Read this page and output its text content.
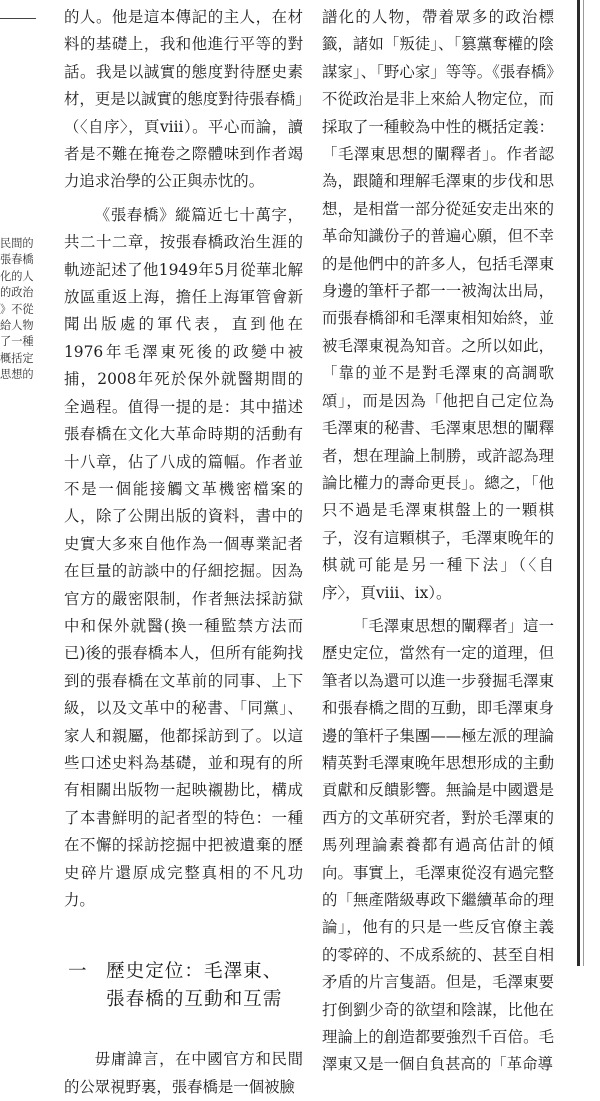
民間的
張春橋
化的人
的政治
》不從
給人物
了一種
概括定
思想的

的人。他是這本傳記的主人，在材料的基礎上，我和他進行平等的對話。我是以誠實的態度對待歷史素材，更是以誠實的態度對待張春橋」（〈自序〉，頁viii）。平心而論，讀者是不難在掩卷之際體味到作者竭力追求治學的公正與赤忱的。

《張春橋》縱篇近七十萬字，共二十二章，按張春橋政治生涯的軌迹記述了他1949年5月從華北解放區重返上海，擔任上海軍管會新聞出版處的軍代表，直到他在1976年毛澤東死後的政變中被捕，2008年死於保外就醫期間的全過程。值得一提的是：其中描述張春橋在文化大革命時期的活動有十八章，佔了八成的篇幅。作者並不是一個能接觸文革機密檔案的人，除了公開出版的資料，書中的史實大多來自他作為一個專業記者在巨量的訪談中的仔細挖掘。因為官方的嚴密限制，作者無法採訪獄中和保外就醫(換一種監禁方法而已)後的張春橋本人，但所有能夠找到的張春橋在文革前的同事、上下級，以及文革中的秘書、「同黨」、家人和親屬，他都採訪到了。以這些口述史料為基礎，並和現有的所有相關出版物一起映襯勘比，構成了本書鮮明的記者型的特色：一種在不懈的採訪挖掘中把被遺棄的歷史碎片還原成完整真相的不凡功力。

一 歷史定位：毛澤東、
張春橋的互動和互需

毋庸諱言，在中國官方和民間的公眾視野裏，張春橋是一個被臉

譜化的人物，帶着眾多的政治標籤，諸如「叛徒」、「篡黨奪權的陰謀家」、「野心家」等等。《張春橋》不從政治是非上來給人物定位，而採取了一種較為中性的概括定義：「毛澤東思想的闡釋者」。作者認為，跟隨和理解毛澤東的步伐和思想，是相當一部分從延安走出來的革命知識份子的普遍心願，但不幸的是他們中的許多人，包括毛澤東身邊的筆杆子都一一被淘汰出局，而張春橋卻和毛澤東相知始終，並被毛澤東視為知音。之所以如此，「靠的並不是對毛澤東的高調歌頌」，而是因為「他把自己定位為毛澤東的秘書、毛澤東思想的闡釋者，想在理論上制勝，或許認為理論比權力的壽命更長」。總之，「他只不過是毛澤東棋盤上的一顆棋子，沒有這顆棋子，毛澤東晚年的棋就可能是另一種下法」（〈自序〉，頁viii、ix）。

「毛澤東思想的闡釋者」這一歷史定位，當然有一定的道理，但筆者以為還可以進一步發掘毛澤東和張春橋之間的互動，即毛澤東身邊的筆杆子集團——極左派的理論精英對毛澤東晚年思想形成的主動貢獻和反饋影響。無論是中國還是西方的文革研究者，對於毛澤東的馬列理論素養都有過高估計的傾向。事實上，毛澤東從沒有過完整的「無產階級專政下繼續革命的理論」，他有的只是一些反官僚主義的零碎的、不成系統的、甚至自相矛盾的片言隻語。但是，毛澤東要打倒劉少奇的欲望和陰謀，比他在理論上的創造都要強烈千百倍。毛澤東又是一個自負甚高的「革命導
